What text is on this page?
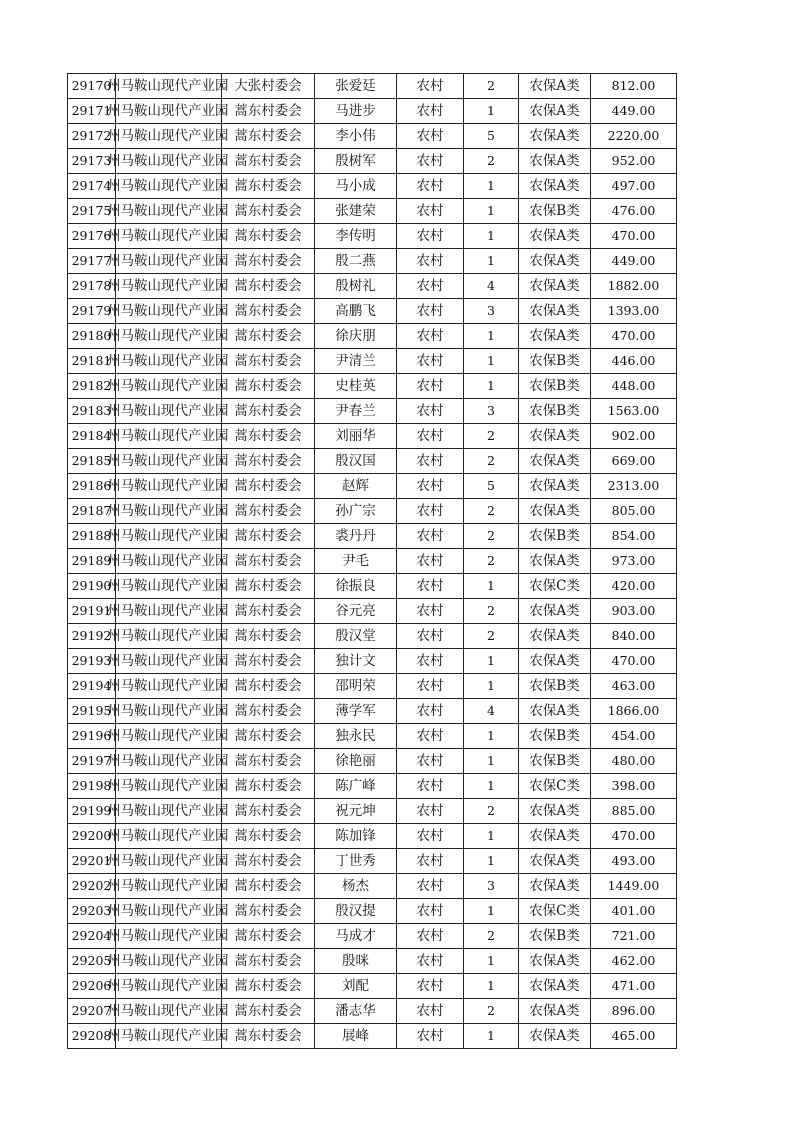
29170	州马鞍山现代产业园	大张村委会	张爱廷	农村	2	农保A类	812.00
29171	州马鞍山现代产业园	蒿东村委会	马进步	农村	1	农保A类	449.00
29172	州马鞍山现代产业园	蒿东村委会	李小伟	农村	5	农保A类	2220.00
29173	州马鞍山现代产业园	蒿东村委会	殷树军	农村	2	农保A类	952.00
29174	州马鞍山现代产业园	蒿东村委会	马小成	农村	1	农保A类	497.00
29175	州马鞍山现代产业园	蒿东村委会	张建荣	农村	1	农保B类	476.00
29176	州马鞍山现代产业园	蒿东村委会	李传明	农村	1	农保A类	470.00
29177	州马鞍山现代产业园	蒿东村委会	殷二燕	农村	1	农保A类	449.00
29178	州马鞍山现代产业园	蒿东村委会	殷树礼	农村	4	农保A类	1882.00
29179	州马鞍山现代产业园	蒿东村委会	高鹏飞	农村	3	农保A类	1393.00
29180	州马鞍山现代产业园	蒿东村委会	徐庆朋	农村	1	农保A类	470.00
29181	州马鞍山现代产业园	蒿东村委会	尹清兰	农村	1	农保B类	446.00
29182	州马鞍山现代产业园	蒿东村委会	史桂英	农村	1	农保B类	448.00
29183	州马鞍山现代产业园	蒿东村委会	尹春兰	农村	3	农保B类	1563.00
29184	州马鞍山现代产业园	蒿东村委会	刘丽华	农村	2	农保A类	902.00
29185	州马鞍山现代产业园	蒿东村委会	殷汉国	农村	2	农保A类	669.00
29186	州马鞍山现代产业园	蒿东村委会	赵辉	农村	5	农保A类	2313.00
29187	州马鞍山现代产业园	蒿东村委会	孙广宗	农村	2	农保A类	805.00
29188	州马鞍山现代产业园	蒿东村委会	裘丹丹	农村	2	农保B类	854.00
29189	州马鞍山现代产业园	蒿东村委会	尹毛	农村	2	农保A类	973.00
29190	州马鞍山现代产业园	蒿东村委会	徐振良	农村	1	农保C类	420.00
29191	州马鞍山现代产业园	蒿东村委会	谷元亮	农村	2	农保A类	903.00
29192	州马鞍山现代产业园	蒿东村委会	殷汉堂	农村	2	农保A类	840.00
29193	州马鞍山现代产业园	蒿东村委会	独计文	农村	1	农保A类	470.00
29194	州马鞍山现代产业园	蒿东村委会	邵明荣	农村	1	农保B类	463.00
29195	州马鞍山现代产业园	蒿东村委会	薄学军	农村	4	农保A类	1866.00
29196	州马鞍山现代产业园	蒿东村委会	独永民	农村	1	农保B类	454.00
29197	州马鞍山现代产业园	蒿东村委会	徐艳丽	农村	1	农保B类	480.00
29198	州马鞍山现代产业园	蒿东村委会	陈广峰	农村	1	农保C类	398.00
29199	州马鞍山现代产业园	蒿东村委会	祝元坤	农村	2	农保A类	885.00
29200	州马鞍山现代产业园	蒿东村委会	陈加锋	农村	1	农保A类	470.00
29201	州马鞍山现代产业园	蒿东村委会	丁世秀	农村	1	农保A类	493.00
29202	州马鞍山现代产业园	蒿东村委会	杨杰	农村	3	农保A类	1449.00
29203	州马鞍山现代产业园	蒿东村委会	殷汉提	农村	1	农保C类	401.00
29204	州马鞍山现代产业园	蒿东村委会	马成才	农村	2	农保B类	721.00
29205	州马鞍山现代产业园	蒿东村委会	殷咪	农村	1	农保A类	462.00
29206	州马鞍山现代产业园	蒿东村委会	刘配	农村	1	农保A类	471.00
29207	州马鞍山现代产业园	蒿东村委会	潘志华	农村	2	农保A类	896.00
29208	州马鞍山现代产业园	蒿东村委会	展峰	农村	1	农保A类	465.00
